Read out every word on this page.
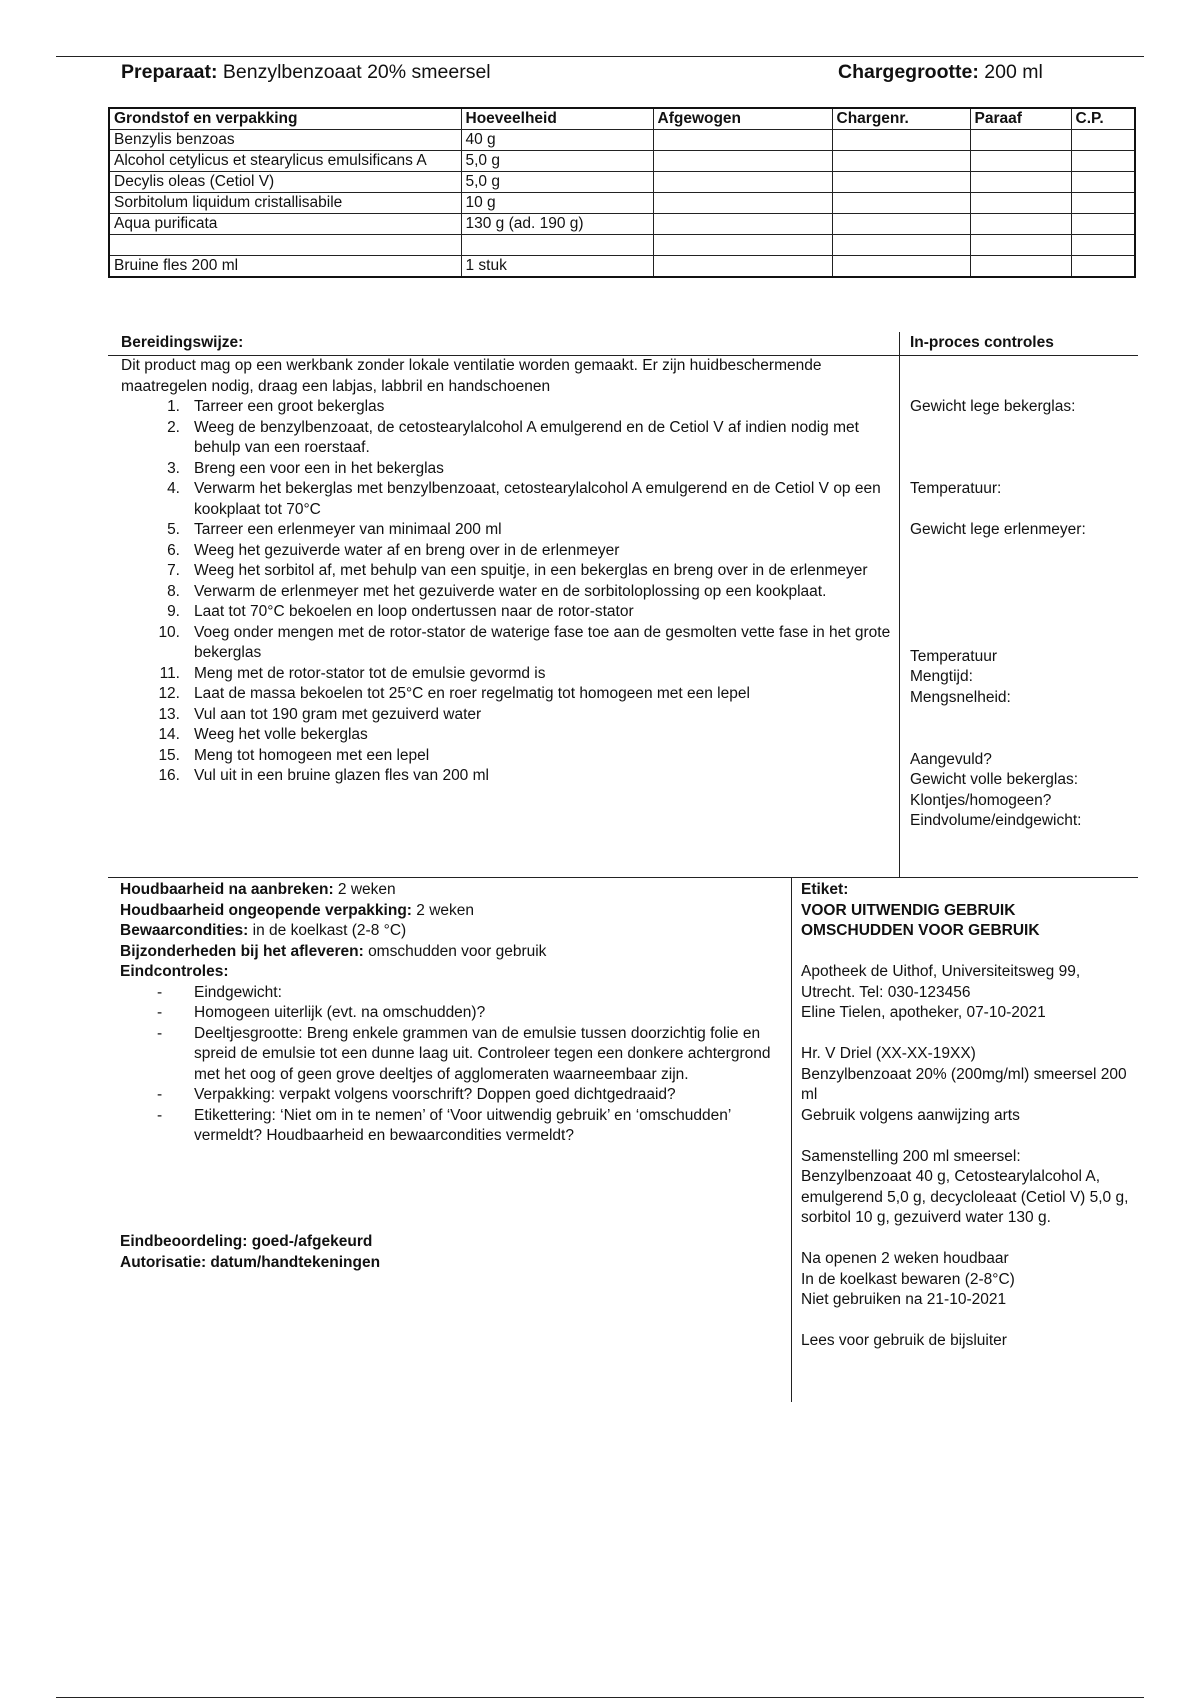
Preparaat: Benzylbenzoaat 20% smeersel	Chargegrootte: 200 ml
Grondstof en verpakking	Hoeveelheid	Afgewogen	Chargenr.	Paraaf	C.P.
Benzylis benzoas	40 g				
Alcohol cetylicus et stearylicus emulsificans A	5,0 g				
Decylis oleas (Cetiol V)	5,0 g				
Sorbitolum liquidum cristallisabile	10 g				
Aqua purificata	130 g (ad. 190 g)				

Bruine fles 200 ml	1 stuk				
Bereidingswijze:	In-proces controles
Dit product mag op een werkbank zonder lokale ventilatie worden gemaakt. Er zijn huidbeschermende maatregelen nodig, draag een labjas, labbril en handschoenen
1. Tarreer een groot bekerglas
2. Weeg de benzylbenzoaat, de cetostearylalcohol A emulgerend en de Cetiol V af indien nodig met behulp van een roerstaaf.
3. Breng een voor een in het bekerglas
4. Verwarm het bekerglas met benzylbenzoaat, cetostearylalcohol A emulgerend en de Cetiol V op een kookplaat tot 70°C
5. Tarreer een erlenmeyer van minimaal 200 ml
6. Weeg het gezuiverde water af en breng over in de erlenmeyer
7. Weeg het sorbitol af, met behulp van een spuitje, in een bekerglas en breng over in de erlenmeyer
8. Verwarm de erlenmeyer met het gezuiverde water en de sorbitoloplossing op een kookplaat.
9. Laat tot 70°C bekoelen en loop ondertussen naar de rotor-stator
10. Voeg onder mengen met de rotor-stator de waterige fase toe aan de gesmolten vette fase in het grote bekerglas
11. Meng met de rotor-stator tot de emulsie gevormd is
12. Laat de massa bekoelen tot 25°C en roer regelmatig tot homogeen met een lepel
13. Vul aan tot 190 gram met gezuiverd water
14. Weeg het volle bekerglas
15. Meng tot homogeen met een lepel
16. Vul uit in een bruine glazen fles van 200 ml
Gewicht lege bekerglas:
Temperatuur:
Gewicht lege erlenmeyer:
Temperatuur
Mengtijd:
Mengsnelheid:
Aangevuld?
Gewicht volle bekerglas:
Klontjes/homogeen?
Eindvolume/eindgewicht:
Houdbaarheid na aanbreken: 2 weken
Houdbaarheid ongeopende verpakking: 2 weken
Bewaarcondities: in de koelkast (2-8 °C)
Bijzonderheden bij het afleveren: omschudden voor gebruik
Eindcontroles:
- Eindgewicht:
- Homogeen uiterlijk (evt. na omschudden)?
- Deeltjesgrootte: Breng enkele grammen van de emulsie tussen doorzichtig folie en spreid de emulsie tot een dunne laag uit. Controleer tegen een donkere achtergrond met het oog of geen grove deeltjes of agglomeraten waarneembaar zijn.
- Verpakking: verpakt volgens voorschrift? Doppen goed dichtgedraaid?
- Etikettering: ‘Niet om in te nemen’ of ‘Voor uitwendig gebruik’ en ‘omschudden’ vermeldt? Houdbaarheid en bewaarcondities vermeldt?
Eindbeoordeling: goed-/afgekeurd
Autorisatie: datum/handtekeningen
Etiket:
VOOR UITWENDIG GEBRUIK
OMSCHUDDEN VOOR GEBRUIK
Apotheek de Uithof, Universiteitsweg 99, Utrecht. Tel: 030-123456
Eline Tielen, apotheker, 07-10-2021
Hr. V Driel (XX-XX-19XX)
Benzylbenzoaat 20% (200mg/ml) smeersel 200 ml
Gebruik volgens aanwijzing arts
Samenstelling 200 ml smeersel:
Benzylbenzoaat 40 g, Cetostearylalcohol A, emulgerend 5,0 g, decycloleaat (Cetiol V) 5,0 g, sorbitol 10 g, gezuiverd water 130 g.
Na openen 2 weken houdbaar
In de koelkast bewaren (2-8°C)
Niet gebruiken na 21-10-2021
Lees voor gebruik de bijsluiter
